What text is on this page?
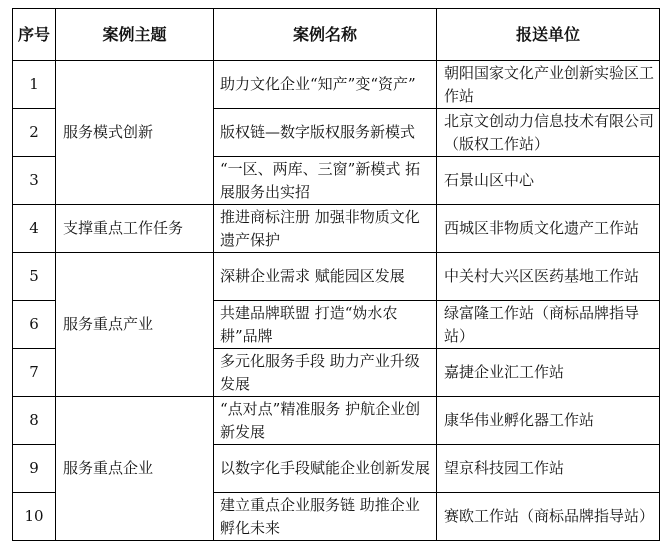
序号	案例主题	案例名称	报送单位
1	服务模式创新	助力文化企业“知产”变“资产”	朝阳国家文化产业创新实验区工作站
2		版权链—数字版权服务新模式	北京文创动力信息技术有限公司（版权工作站）
3		“一区、两库、三窗”新模式 拓展服务出实招	石景山区中心
4	支撑重点工作任务	推进商标注册 加强非物质文化遗产保护	西城区非物质文化遗产工作站
5	服务重点产业	深耕企业需求 赋能园区发展	中关村大兴区医药基地工作站
6		共建品牌联盟 打造“妫水农耕”品牌	绿富隆工作站（商标品牌指导站）
7		多元化服务手段 助力产业升级发展	嘉捷企业汇工作站
8	服务重点企业	“点对点”精准服务 护航企业创新发展	康华伟业孵化器工作站
9		以数字化手段赋能企业创新发展	望京科技园工作站
10		建立重点企业服务链 助推企业孵化未来	赛欧工作站（商标品牌指导站）
